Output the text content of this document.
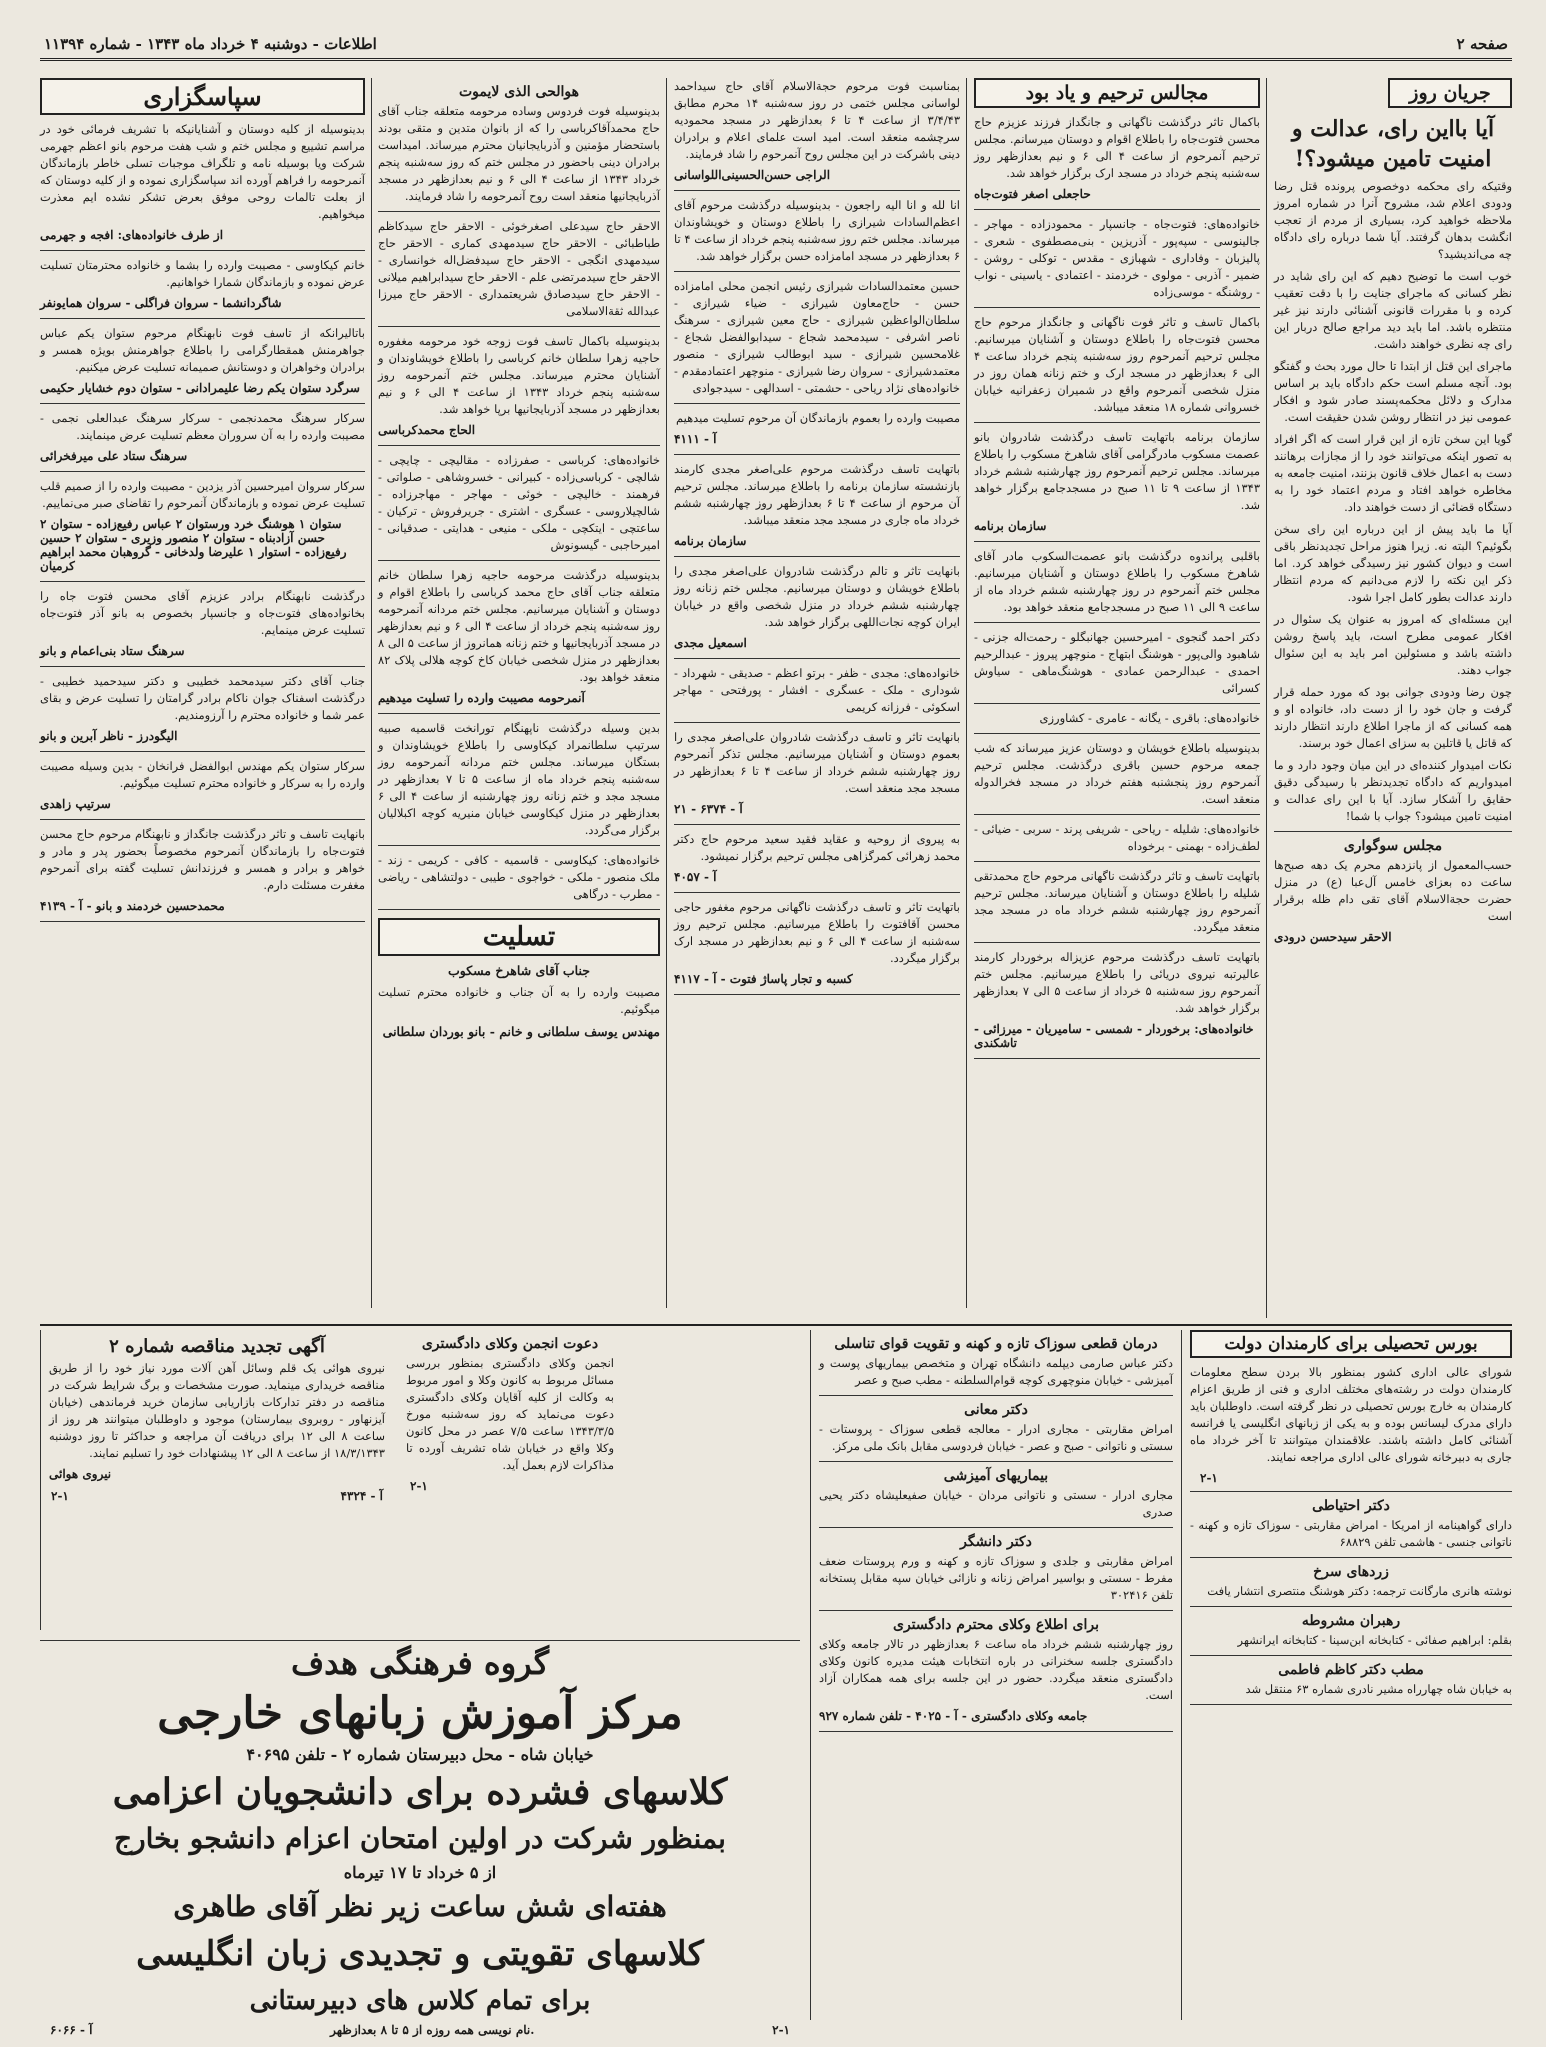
صفحه ۲
اطلاعات - دوشنبه ۴ خرداد ماه ۱۳۴۳ - شماره ۱۱۳۹۴
جریان روز
آیا بااین رای، عدالت و امنیت تامین میشود؟!
وقتیکه رای محکمه دوخصوص پرونده قتل رضا ودودی اعلام شد، مشروح آنرا در شماره امروز ملاحظه خواهید کرد، بسیاری از مردم از تعجب انگشت بدهان گرفتند. آیا شما درباره رای دادگاه چه می‌اندیشید؟
خوب است ما توضیح دهیم که این رای شاید در نظر کسانی که ماجرای جنایت را با دقت تعقیب کرده و با مقررات قانونی آشنائی دارند نیز غیر منتظره باشد. اما باید دید مراجع صالح دربار این رای چه نظری خواهند داشت.
ماجرای این قتل از ابتدا تا حال مورد بحث و گفتگو بود. آنچه مسلم است حکم دادگاه باید بر اساس مدارک و دلائل محکمه‌پسند صادر شود و افکار عمومی نیز در انتظار روشن شدن حقیقت است.
گویا این سخن تازه از این قرار است که اگر افراد به تصور اینکه می‌توانند خود را از مجازات برهانند دست به اعمال خلاف قانون بزنند، امنیت جامعه به مخاطره خواهد افتاد و مردم اعتماد خود را به دستگاه قضائی از دست خواهند داد.
آیا ما باید پیش از این درباره این رای سخن بگوئیم؟ البته نه. زیرا هنوز مراحل تجدیدنظر باقی است و دیوان کشور نیز رسیدگی خواهد کرد. اما ذکر این نکته را لازم می‌دانیم که مردم انتظار دارند عدالت بطور کامل اجرا شود.
این مسئله‌ای که امروز به عنوان یک سئوال در افکار عمومی مطرح است، باید پاسخ روشن داشته باشد و مسئولین امر باید به این سئوال جواب دهند.
چون رضا ودودی جوانی بود که مورد حمله قرار گرفت و جان خود را از دست داد، خانواده او و همه کسانی که از ماجرا اطلاع دارند انتظار دارند که قاتل یا قاتلین به سزای اعمال خود برسند.
نکات امیدوار کننده‌ای در این میان وجود دارد و ما امیدواریم که دادگاه تجدیدنظر با رسیدگی دقیق حقایق را آشکار سازد. آیا با این رای عدالت و امنیت تامین میشود؟ جواب با شما!
مجلس سوگواری
حسب‌المعمول از پانزدهم محرم یک دهه صبح‌ها ساعت ده بعزای خامس آل‌عبا (ع) در منزل حضرت حجةالاسلام آقای تقی دام ظله برقرار است
الاحقر سیدحسن درودی
مجالس ترحیم و یاد بود
باکمال تاثر درگذشت ناگهانی و جانگداز فرزند عزیزم حاج محسن فتوت‌جاه را باطلاع اقوام و دوستان میرسانم. مجلس ترحیم آنمرحوم از ساعت ۴ الی ۶ و نیم بعدازظهر روز سه‌شنبه پنجم خرداد در مسجد ارک برگزار خواهد شد.
حاجعلی اصغر فتوت‌جاه
خانواده‌های: فتوت‌جاه - جانسپار - محمودزاده - مهاجر - جالینوسی - سپه‌پور - آذریزین - بنی‌مصطفوی - شعری - پالیزبان - وفاداری - شهبازی - مقدس - توکلی - روشن - ضمیر - آذربی - مولوی - خردمند - اعتمادی - یاسینی - نواب - روشنگه - موسی‌زاده
باکمال تاسف و تاثر فوت ناگهانی و جانگداز مرحوم حاج محسن فتوت‌جاه را باطلاع دوستان و آشنایان میرسانیم. مجلس ترحیم آنمرحوم روز سه‌شنبه پنجم خرداد ساعت ۴ الی ۶ بعدازظهر در مسجد ارک و ختم زنانه همان روز در منزل شخصی آنمرحوم واقع در شمیران زعفرانیه خیابان خسروانی شماره ۱۸ منعقد میباشد.
سازمان برنامه باتهایت تاسف درگذشت شادروان بانو عصمت مسکوب مادرگرامی آقای شاهرخ مسکوب را باطلاع میرساند. مجلس ترحیم آنمرحوم روز چهارشنبه ششم خرداد ۱۳۴۳ از ساعت ۹ تا ۱۱ صبح در مسجدجامع برگزار خواهد شد.
سازمان برنامه
باقلبی پراندوه درگذشت بانو عصمت‌السکوب مادر آقای شاهرخ مسکوب را باطلاع دوستان و آشنایان میرسانیم. مجلس ختم آنمرحوم در روز چهارشنبه ششم خرداد ماه از ساعت ۹ الی ۱۱ صبح در مسجدجامع منعقد خواهد بود.
دکتر احمد گنجوی - امیرحسین جهانبگلو - رحمت‌اله جزنی - شاهبود والی‌پور - هوشنگ ابتهاج - منوچهر پیروز - عبدالرحیم احمدی - عبدالرحمن عمادی - هوشنگ‌ماهی - سیاوش کسرائی
خانواده‌های: باقری - یگانه - عامری - کشاورزی
بدینوسیله باطلاع خویشان و دوستان عزیز میرساند که شب جمعه مرحوم حسین باقری درگذشت. مجلس ترحیم آنمرحوم روز پنجشنبه هفتم خرداد در مسجد فخرالدوله منعقد است.
خانواده‌های: شلیله - ریاحی - شریفی پرند - سربی - ضیائی - لطف‌زاده - بهمنی - برخوداه
باتهایت تاسف و تاثر درگذشت ناگهانی مرحوم حاج محمدتقی شلیله را باطلاع دوستان و آشنایان میرساند. مجلس ترحیم آنمرحوم روز چهارشنبه ششم خرداد ماه در مسجد مجد منعقد میگردد.
باتهایت تاسف درگذشت مرحوم عزیزاله برخوردار کارمند عالیرتبه نیروی دریائی را باطلاع میرسانیم. مجلس ختم آنمرحوم روز سه‌شنبه ۵ خرداد از ساعت ۵ الی ۷ بعدازظهر برگزار خواهد شد.
خانواده‌های: برخوردار - شمسی - سامیریان - میرزائی - تاشکندی
بمناسبت فوت مرحوم حجةالاسلام آقای حاج سیداحمد لواسانی مجلس ختمی در روز سه‌شنبه ۱۴ محرم مطابق ۳/۴/۴۳ از ساعت ۴ تا ۶ بعدازظهر در مسجد محمودیه سرچشمه منعقد است. امید است علمای اعلام و برادران دینی باشرکت در این مجلس روح آنمرحوم را شاد فرمایند.
الراجی حسن‌الحسینی‌اللواسانی
انا لله و انا الیه راجعون - بدینوسیله درگذشت مرحوم آقای اعظم‌السادات شیرازی را باطلاع دوستان و خویشاوندان میرساند. مجلس ختم روز سه‌شنبه پنجم خرداد از ساعت ۴ تا ۶ بعدازظهر در مسجد امامزاده حسن برگزار خواهد شد.
حسین معتمدالسادات شیرازی رئیس انجمن محلی امامزاده حسن - حاج‌معاون شیرازی - ضیاء شیرازی - سلطان‌الواعظین شیرازی - حاج معین شیرازی - سرهنگ ناصر اشرفی - سیدمحمد شجاع - سیدابوالفضل شجاع - غلامحسین شیرازی - سید ابوطالب شیرازی - منصور معتمدشیرازی - سروان رضا شیرازی - منوچهر اعتمادمقدم - خانواده‌های نژاد ریاحی - حشمتی - اسدالهی - سیدجوادی
مصیبت وارده را بعموم بازماندگان آن مرحوم تسلیت میدهیم
آ - ۴۱۱۱
باتهایت تاسف درگذشت مرحوم علی‌اصغر مجدی کارمند بازنشسته سازمان برنامه را باطلاع میرساند. مجلس ترحیم آن مرحوم از ساعت ۴ تا ۶ بعدازظهر روز چهارشنبه ششم خرداد ماه جاری در مسجد مجد منعقد میباشد.
سازمان برنامه
بانهایت تاثر و تالم درگذشت شادروان علی‌اصغر مجدی را باطلاع خویشان و دوستان میرسانیم. مجلس ختم زنانه روز چهارشنبه ششم خرداد در منزل شخصی واقع در خیابان ایران کوچه نجات‌اللهی برگزار خواهد شد.
اسمعیل مجدی
خانواده‌های: مجدی - ظفر - برتو اعظم - صدیقی - شهرداد - شوداری - ملک - عسگری - افشار - پورفتحی - مهاجر اسکوئی - فرزانه کریمی
بانهایت تاثر و تاسف درگذشت شادروان علی‌اصغر مجدی را بعموم دوستان و آشنایان میرسانیم. مجلس تذکر آنمرحوم روز چهارشنبه ششم خرداد از ساعت ۴ تا ۶ بعدازظهر در مسجد مجد منعقد است.
آ - ۶۳۷۴ - ۲۱
به پیروی از روحیه و عقاید فقید سعید مرحوم حاج دکتر محمد زهرائی کمرگزاهی مجلس ترحیم برگزار نمیشود.
آ - ۴۰۵۷
باتهایت تاثر و تاسف درگذشت ناگهانی مرحوم مغفور حاجی محسن آقافتوت را باطلاع میرسانیم. مجلس ترحیم روز سه‌شنبه از ساعت ۴ الی ۶ و نیم بعدازظهر در مسجد ارک برگزار میگردد.
کسبه و تجار پاساژ فتوت - آ - ۴۱۱۷
هوالحی الذی لایموت
بدینوسیله فوت فردوس وساده مرحومه متعلقه جناب آقای حاج محمدآقاکرباسی را که از بانوان متدین و متقی بودند باستحضار مؤمنین و آذربایجانیان محترم میرساند. امیداست برادران دینی باحضور در مجلس ختم که روز سه‌شنبه پنجم خرداد ۱۳۴۳ از ساعت ۴ الی ۶ و نیم بعدازظهر در مسجد آذربایجانیها منعقد است روح آنمرحومه را شاد فرمایند.
الاحقر حاج سیدعلی اصغرخوئی - الاحقر حاج سیدکاظم طباطبائی - الاحقر حاج سیدمهدی کماری - الاحقر حاج سیدمهدی انگجی - الاحقر حاج سیدفضل‌اله خوانساری - الاحقر حاج سیدمرتضی علم - الاحقر حاج سیدابراهیم میلانی - الاحقر حاج سیدصادق شریعتمداری - الاحقر حاج میرزا عبدالله ثقةالاسلامی
بدینوسیله باکمال تاسف فوت زوجه خود مرحومه مغفوره حاجیه زهرا سلطان خانم کرباسی را باطلاع خویشاوندان و آشنایان محترم میرساند. مجلس ختم آنمرحومه روز سه‌شنبه پنجم خرداد ۱۳۴۳ از ساعت ۴ الی ۶ و نیم بعدازظهر در مسجد آذربایجانیها برپا خواهد شد.
الحاج محمدکرباسی
خانواده‌های: کرباسی - صفرزاده - مقالیچی - چایچی - شالچی - کرباسی‌زاده - کبیرانی - خسروشاهی - صلواتی - فرهمند - خالیچی - خوئی - مهاجر - مهاجرزاده - شالچیلاروسی - عسگری - اشتری - جریرفروش - ترکیان - ساعتچی - ایتکچی - ملکی - منیعی - هدایتی - صدقیانی - امیرحاجبی - گیسونوش
بدینوسیله درگذشت مرحومه حاجیه زهرا سلطان خانم متعلقه جناب آقای حاج محمد کرباسی را باطلاع اقوام و دوستان و آشنایان میرسانیم. مجلس ختم مردانه آنمرحومه روز سه‌شنبه پنجم خرداد از ساعت ۴ الی ۶ و نیم بعدازظهر در مسجد آذربایجانیها و ختم زنانه همانروز از ساعت ۵ الی ۸ بعدازظهر در منزل شخصی خیابان کاخ کوچه هلالی پلاک ۸۲ منعقد خواهد بود.
آنمرحومه مصیبت وارده را تسلیت میدهیم
بدین وسیله درگذشت ناپهنگام تورانخت قاسمیه صبیه سرتیپ سلطانمراد کیکاوسی را باطلاع خویشاوندان و بستگان میرساند. مجلس ختم مردانه آنمرحومه روز سه‌شنبه پنجم خرداد ماه از ساعت ۵ تا ۷ بعدازظهر در مسجد مجد و ختم زنانه روز چهارشنبه از ساعت ۴ الی ۶ بعدازظهر در منزل کیکاوسی خیابان منیریه کوچه اکبلالیان برگزار می‌گردد.
خانواده‌های: کیکاوسی - قاسمیه - کافی - کریمی - زند - ملک منصور - ملکی - خواجوی - طیبی - دولتشاهی - ریاضی - مطرب - درگاهی
تسلیت
جناب آقای شاهرخ مسکوب
مصیبت وارده را به آن جناب و خانواده محترم تسلیت میگوئیم.
مهندس یوسف سلطانی و خانم - بانو بوردان سلطانی
سپاسگزاری
بدینوسیله از کلیه دوستان و آشنایانیکه با تشریف فرمائی خود در مراسم تشییع و مجلس ختم و شب هفت مرحوم بانو اعظم جهرمی شرکت ویا بوسیله نامه و تلگراف موجبات تسلی خاطر بازماندگان آنمرحومه را فراهم آورده اند سپاسگزاری نموده و از کلیه دوستان که از بعلت تالمات روحی موفق بعرض تشکر نشده ایم معذرت میخواهیم.
از طرف خانواده‌های: افجه و جهرمی
خانم کیکاوسی - مصیبت وارده را بشما و خانواده محترمتان تسلیت عرض نموده و بازماندگان شمارا خواهانیم.
شاگردانشما - سروان فراگلی - سروان همایونفر
باتالیرانکه از تاسف فوت نابهنگام مرحوم ستوان یکم عباس جواهرمنش همقطارگرامی را باطلاع جواهرمنش بویژه همسر و برادران وخواهران و دوستانش صمیمانه تسلیت عرض میکنیم.
سرگرد ستوان یکم رضا علیمرادانی - ستوان دوم خشایار حکیمی
سرکار سرهنگ محمدنجمی - سرکار سرهنگ عبدالعلی نجمی - مصیبت وارده را به آن سروران معظم تسلیت عرض مینمایند.
سرهنگ ستاد علی میرفخرائی
سرکار سروان امیرحسین آذر یزدین - مصیبت وارده را از صمیم قلب تسلیت عرض نموده و بازماندگان آنمرحوم را تقاضای صبر می‌نماییم.
ستوان ۱ هوشنگ خرد ورستوان ۲ عباس رفیع‌زاده - ستوان ۲ حسن آزادبناه - ستوان ۲ منصور وزیری - ستوان ۲ حسین رفیع‌زاده - استوار ۱ علیرضا ولدخانی - گروهبان محمد ابراهیم کرمیان
درگذشت نابهنگام برادر عزیزم آقای محسن فتوت جاه را بخانواده‌های فتوت‌جاه و جانسپار بخصوص به بانو آذر فتوت‌جاه تسلیت عرض مینمایم.
سرهنگ ستاد بنی‌اعمام و بانو
جناب آقای دکتر سیدمحمد خطیبی و دکتر سیدحمید خطیبی - درگذشت اسفناک جوان ناکام برادر گرامتان را تسلیت عرض و بقای عمر شما و خانواده محترم را آرزومندیم.
الیگودرز - ناظر آبرین و بانو
سرکار ستوان یکم مهندس ابوالفضل فرانخان - بدین وسیله مصیبت وارده را به سرکار و خانواده محترم تسلیت میگوئیم.
سرتیپ زاهدی
بانهایت تاسف و تاثر درگذشت جانگداز و نابهنگام مرحوم حاج محسن فتوت‌جاه را بازماندگان آنمرحوم مخصوصاً بحضور پدر و مادر و خواهر و برادر و همسر و فرزندانش تسلیت گفته برای آنمرحوم مغفرت مسئلت دارم.
محمدحسین خردمند و بانو - آ - ۴۱۳۹
آگهی تجدید مناقصه شماره ۲
نیروی هوائی یک قلم وسائل آهن آلات مورد نیاز خود را از طریق مناقصه خریداری مینماید. صورت مشخصات و برگ شرایط شرکت در مناقصه در دفتر تدارکات بازاریابی سازمان خرید فرماندهی (خیابان آیزنهاور - روبروی بیمارستان) موجود و داوطلبان میتوانند هر روز از ساعت ۸ الی ۱۲ برای دریافت آن مراجعه و حداکثر تا روز دوشنبه ۱۸/۳/۱۳۴۳ از ساعت ۸ الی ۱۲ پیشنهادات خود را تسلیم نمایند.
نیروی هوائی
۲-۱	آ - ۴۳۲۴
دعوت انجمن وکلای دادگستری
انجمن وکلای دادگستری بمنظور بررسی مسائل مربوط به کانون وکلا و امور مربوط به وکالت از کلیه آقایان وکلای دادگستری دعوت می‌نماید که روز سه‌شنبه مورخ ۱۳۴۳/۳/۵ ساعت ۷/۵ عصر در محل کانون وکلا واقع در خیابان شاه تشریف آورده تا مذاکرات لازم بعمل آید.
۲-۱
گروه فرهنگی هدف
مرکز آموزش زبانهای خارجی
خیابان شاه - محل دبیرستان شماره ۲ - تلفن ۴۰۶۹۵
کلاسهای فشرده برای دانشجویان اعزامی
بمنظور شرکت در اولین امتحان اعزام دانشجو بخارج
از ۵ خرداد تا ۱۷ تیرماه
هفته‌ای شش ساعت زیر نظر آقای طاهری
کلاسهای تقویتی و تجدیدی زبان انگلیسی
برای تمام کلاس های دبیرستانی
آ - ۶۰۶۶	نام نویسی همه روزه از ۵ تا ۸ بعدازظهر.	۲-۱
درمان قطعی سوزاک تازه و کهنه و تقویت قوای تناسلی
دکتر عباس صارمی دیپلمه دانشگاه تهران و متخصص بیماریهای پوست و آمیزشی - خیابان منوچهری کوچه قوام‌السلطنه - مطب صبح و عصر
دکتر معانی
امراض مقاربتی - مجاری ادرار - معالجه قطعی سوزاک - پروستات - سستی و ناتوانی - صبح و عصر - خیابان فردوسی مقابل بانک ملی مرکز.
بیماریهای آمیزشی
مجاری ادرار - سستی و ناتوانی مردان - خیابان صفیعلیشاه دکتر یحیی صدری
دکتر دانشگر
امراض مقاربتی و جلدی و سوزاک تازه و کهنه و ورم پروستات ضعف مفرط - سستی و بواسیر امراض زنانه و نازائی خیابان سپه مقابل پستخانه تلفن ۳۰۲۴۱۶
برای اطلاع وکلای محترم دادگستری
روز چهارشنبه ششم خرداد ماه ساعت ۶ بعدازظهر در تالار جامعه وکلای دادگستری جلسه سخنرانی در باره انتخابات هیئت مدیره کانون وکلای دادگستری منعقد میگردد. حضور در این جلسه برای همه همکاران آزاد است.
جامعه وکلای دادگستری - آ - ۴۰۲۵ - تلفن شماره ۹۲۷
بورس تحصیلی برای کارمندان دولت
شورای عالی اداری کشور بمنظور بالا بردن سطح معلومات کارمندان دولت در رشته‌های مختلف اداری و فنی از طریق اعزام کارمندان به خارج بورس تحصیلی در نظر گرفته است. داوطلبان باید دارای مدرک لیسانس بوده و به یکی از زبانهای انگلیسی یا فرانسه آشنائی کامل داشته باشند. علاقمندان میتوانند تا آخر خرداد ماه جاری به دبیرخانه شورای عالی اداری مراجعه نمایند.
۲-۱
دکتر احتیاطی
دارای گواهینامه از امریکا - امراض مقاربتی - سوزاک تازه و کهنه - ناتوانی جنسی - هاشمی تلفن ۶۸۸۲۹
زردهای سرخ
نوشته هانری مارگانت ترجمه: دکتر هوشنگ منتصری انتشار یافت
رهبران مشروطه
بقلم: ابراهیم صفائی - کتابخانه ابن‌سینا - کتابخانه ایرانشهر
مطب دکتر کاظم فاطمی
به خیابان شاه چهارراه مشیر نادری شماره ۶۳ منتقل شد
